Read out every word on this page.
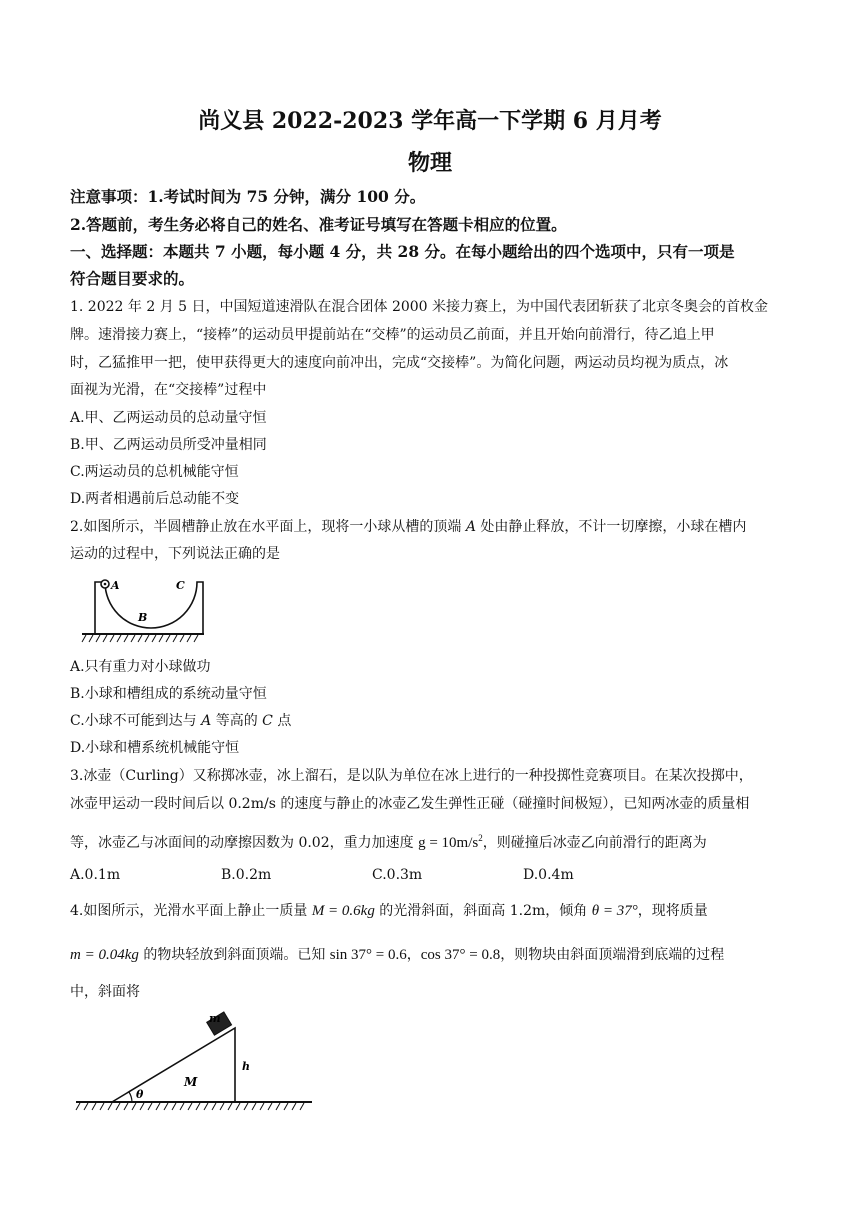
尚义县 2022-2023 学年高一下学期 6 月月考
物理
注意事项：1.考试时间为 75 分钟，满分 100 分。
2.答题前，考生务必将自己的姓名、准考证号填写在答题卡相应的位置。
一、选择题：本题共 7 小题，每小题 4 分，共 28 分。在每小题给出的四个选项中，只有一项是
符合题目要求的。
1. 2022 年 2 月 5 日，中国短道速滑队在混合团体 2000 米接力赛上，为中国代表团斩获了北京冬奥会的首枚金
牌。速滑接力赛上，“接棒”的运动员甲提前站在“交棒”的运动员乙前面，并且开始向前滑行，待乙追上甲
时，乙猛推甲一把，使甲获得更大的速度向前冲出，完成“交接棒”。为简化问题，两运动员均视为质点，冰
面视为光滑，在“交接棒”过程中
A.甲、乙两运动员的总动量守恒
B.甲、乙两运动员所受冲量相同
C.两运动员的总机械能守恒
D.两者相遇前后总动能不变
2.如图所示，半圆槽静止放在水平面上，现将一小球从槽的顶端 A 处由静止释放，不计一切摩擦，小球在槽内
运动的过程中，下列说法正确的是
A
B
C
A.只有重力对小球做功
B.小球和槽组成的系统动量守恒
C.小球不可能到达与 A 等高的 C 点
D.小球和槽系统机械能守恒
3.冰壶（Curling）又称掷冰壶，冰上溜石，是以队为单位在冰上进行的一种投掷性竞赛项目。在某次投掷中，
冰壶甲运动一段时间后以 0.2m/s 的速度与静止的冰壶乙发生弹性正碰（碰撞时间极短），已知两冰壶的质量相
等，冰壶乙与冰面间的动摩擦因数为 0.02，重力加速度 $g = 10m/s^2$，则碰撞后冰壶乙向前滑行的距离为
A.0.1m	B.0.2m	C.0.3m	D.0.4m
4.如图所示，光滑水平面上静止一质量 M = 0.6kg 的光滑斜面，斜面高 1.2m，倾角 θ = 37°，现将质量
m = 0.04kg 的物块轻放到斜面顶端。已知 sin 37° = 0.6，cos 37° = 0.8，则物块由斜面顶端滑到底端的过程
中，斜面将
m
h
M
θ
